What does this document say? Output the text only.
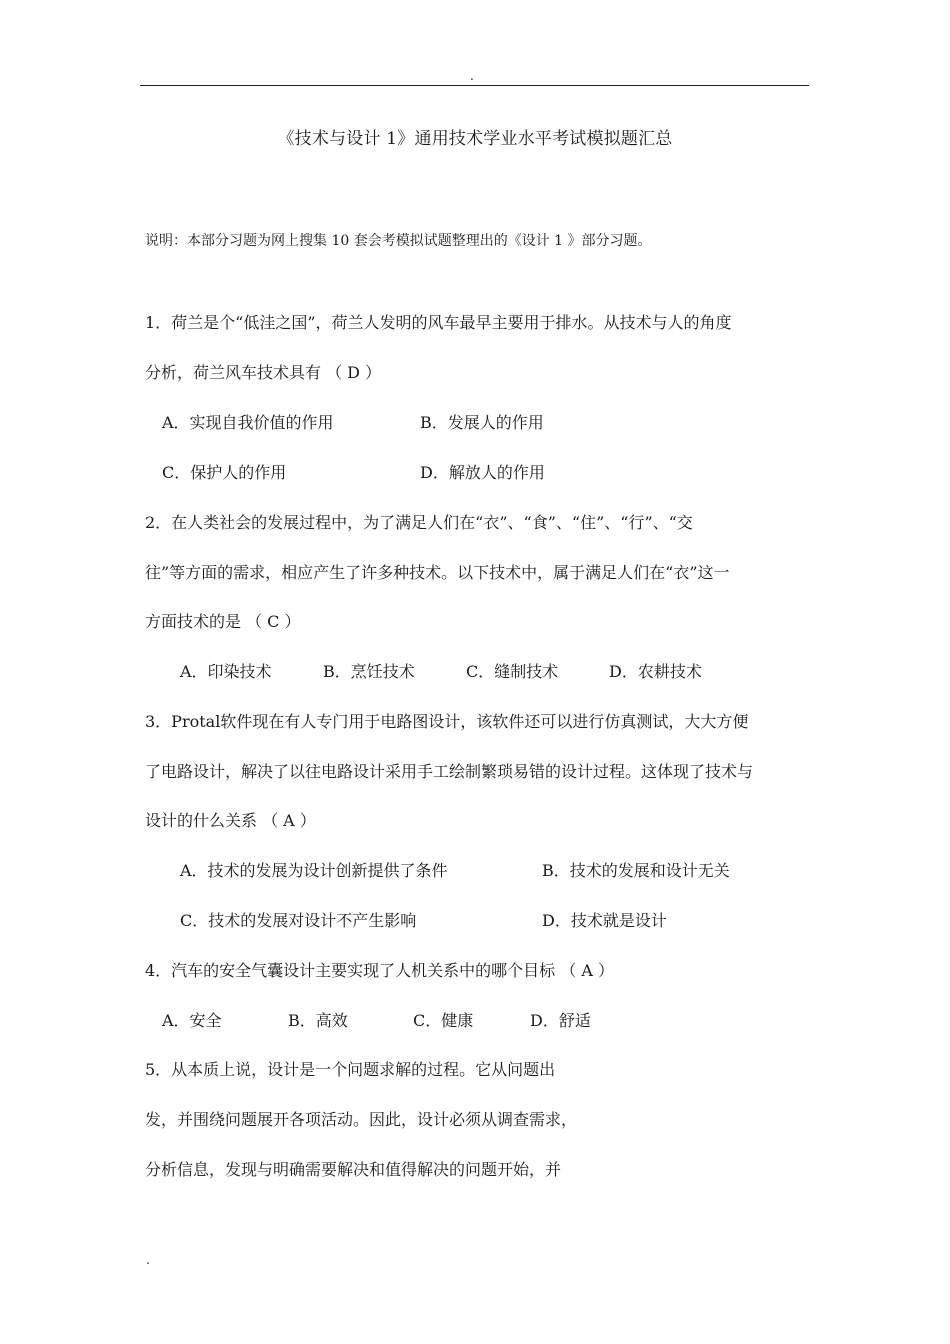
.
《技术与设计 1》通用技术学业水平考试模拟题汇总
说明：本部分习题为网上搜集 10 套会考模拟试题整理出的《设计 1 》部分习题。
1．荷兰是个“低洼之国”，荷兰人发明的风车最早主要用于排水。从技术与人的角度
分析，荷兰风车技术具有 （ D ）
A．实现自我价值的作用	B．发展人的作用
C．保护人的作用	D．解放人的作用
2．在人类社会的发展过程中，为了满足人们在“衣”、“食”、“住”、“行”、“交
往”等方面的需求，相应产生了许多种技术。以下技术中，属于满足人们在“衣”这一
方面技术的是 （ C ）
A．印染技术	B．烹饪技术	C．缝制技术	D．农耕技术
3．Protal软件现在有人专门用于电路图设计，该软件还可以进行仿真测试，大大方便
了电路设计，解决了以往电路设计采用手工绘制繁琐易错的设计过程。这体现了技术与
设计的什么关系 （ A ）
A．技术的发展为设计创新提供了条件	B．技术的发展和设计无关
C．技术的发展对设计不产生影响	D．技术就是设计
4．汽车的安全气囊设计主要实现了人机关系中的哪个目标 （ A ）
A．安全	B．高效	C．健康	D．舒适
5．从本质上说，设计是一个问题求解的过程。它从问题出
发，并围绕问题展开各项活动。因此，设计必须从调查需求，
分析信息，发现与明确需要解决和值得解决的问题开始，并
.
